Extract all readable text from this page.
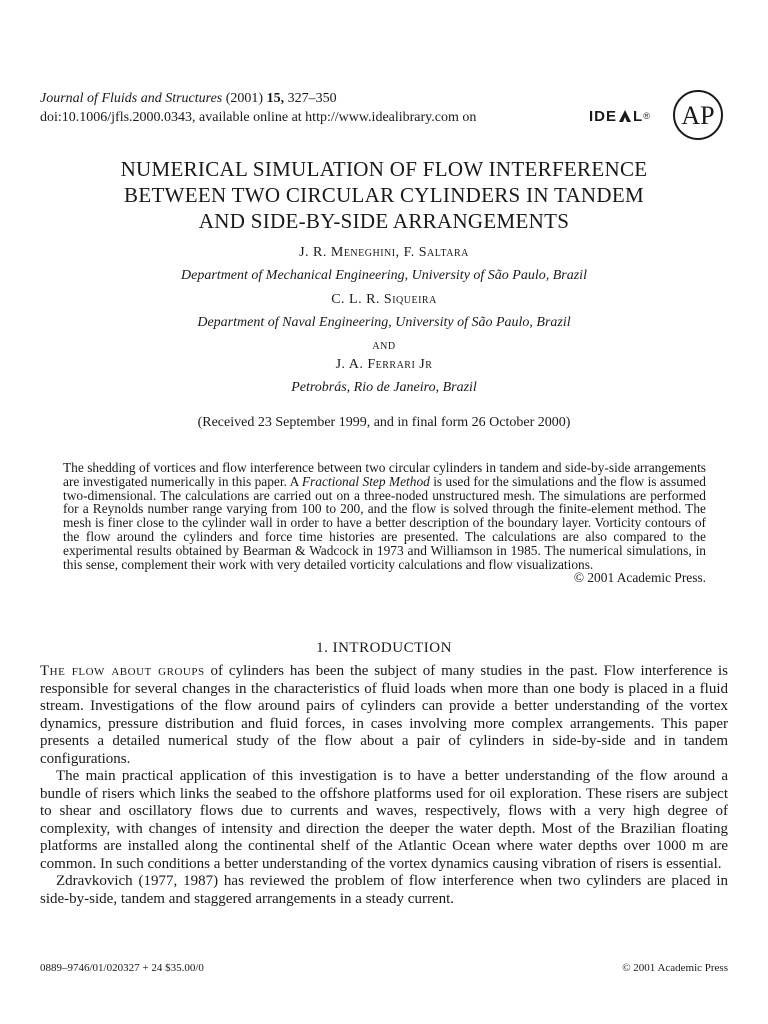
Journal of Fluids and Structures (2001) 15, 327–350
doi:10.1006/jfls.2000.0343, available online at http://www.idealibrary.com on	IDE L ® AP
NUMERICAL SIMULATION OF FLOW INTERFERENCE
BETWEEN TWO CIRCULAR CYLINDERS IN TANDEM
AND SIDE-BY-SIDE ARRANGEMENTS
J. R. Meneghini, F. Saltara
Department of Mechanical Engineering, University of São Paulo, Brazil
C. L. R. Siqueira
Department of Naval Engineering, University of São Paulo, Brazil
and
J. A. Ferrari Jr
Petrobrás, Rio de Janeiro, Brazil
(Received 23 September 1999, and in final form 26 October 2000)
The shedding of vortices and flow interference between two circular cylinders in tandem and side-by-side arrangements are investigated numerically in this paper. A Fractional Step Method is used for the simulations and the flow is assumed two-dimensional. The calculations are carried out on a three-noded unstructured mesh. The simulations are performed for a Reynolds number range varying from 100 to 200, and the flow is solved through the finite-element method. The mesh is finer close to the cylinder wall in order to have a better description of the boundary layer. Vorticity contours of the flow around the cylinders and force time histories are presented. The calculations are also compared to the experimental results obtained by Bearman & Wadcock in 1973 and Williamson in 1985. The numerical simulations, in this sense, complement their work with very detailed vorticity calculations and flow visualizations.
© 2001 Academic Press.
1. INTRODUCTION

The flow about groups of cylinders has been the subject of many studies in the past. Flow interference is responsible for several changes in the characteristics of fluid loads when more than one body is placed in a fluid stream. Investigations of the flow around pairs of cylinders can provide a better understanding of the vortex dynamics, pressure distribution and fluid forces, in cases involving more complex arrangements. This paper presents a detailed numerical study of the flow about a pair of cylinders in side-by-side and in tandem configurations.

The main practical application of this investigation is to have a better understanding of the flow around a bundle of risers which links the seabed to the offshore platforms used for oil exploration. These risers are subject to shear and oscillatory flows due to currents and waves, respectively, flows with a very high degree of complexity, with changes of intensity and direction the deeper the water depth. Most of the Brazilian floating platforms are installed along the continental shelf of the Atlantic Ocean where water depths over 1000 m are common. In such conditions a better understanding of the vortex dynamics causing vibration of risers is essential.

Zdravkovich (1977, 1987) has reviewed the problem of flow interference when two cylinders are placed in side-by-side, tandem and staggered arrangements in a steady current.

0889–9746/01/020327 + 24 $35.00/0	© 2001 Academic Press
